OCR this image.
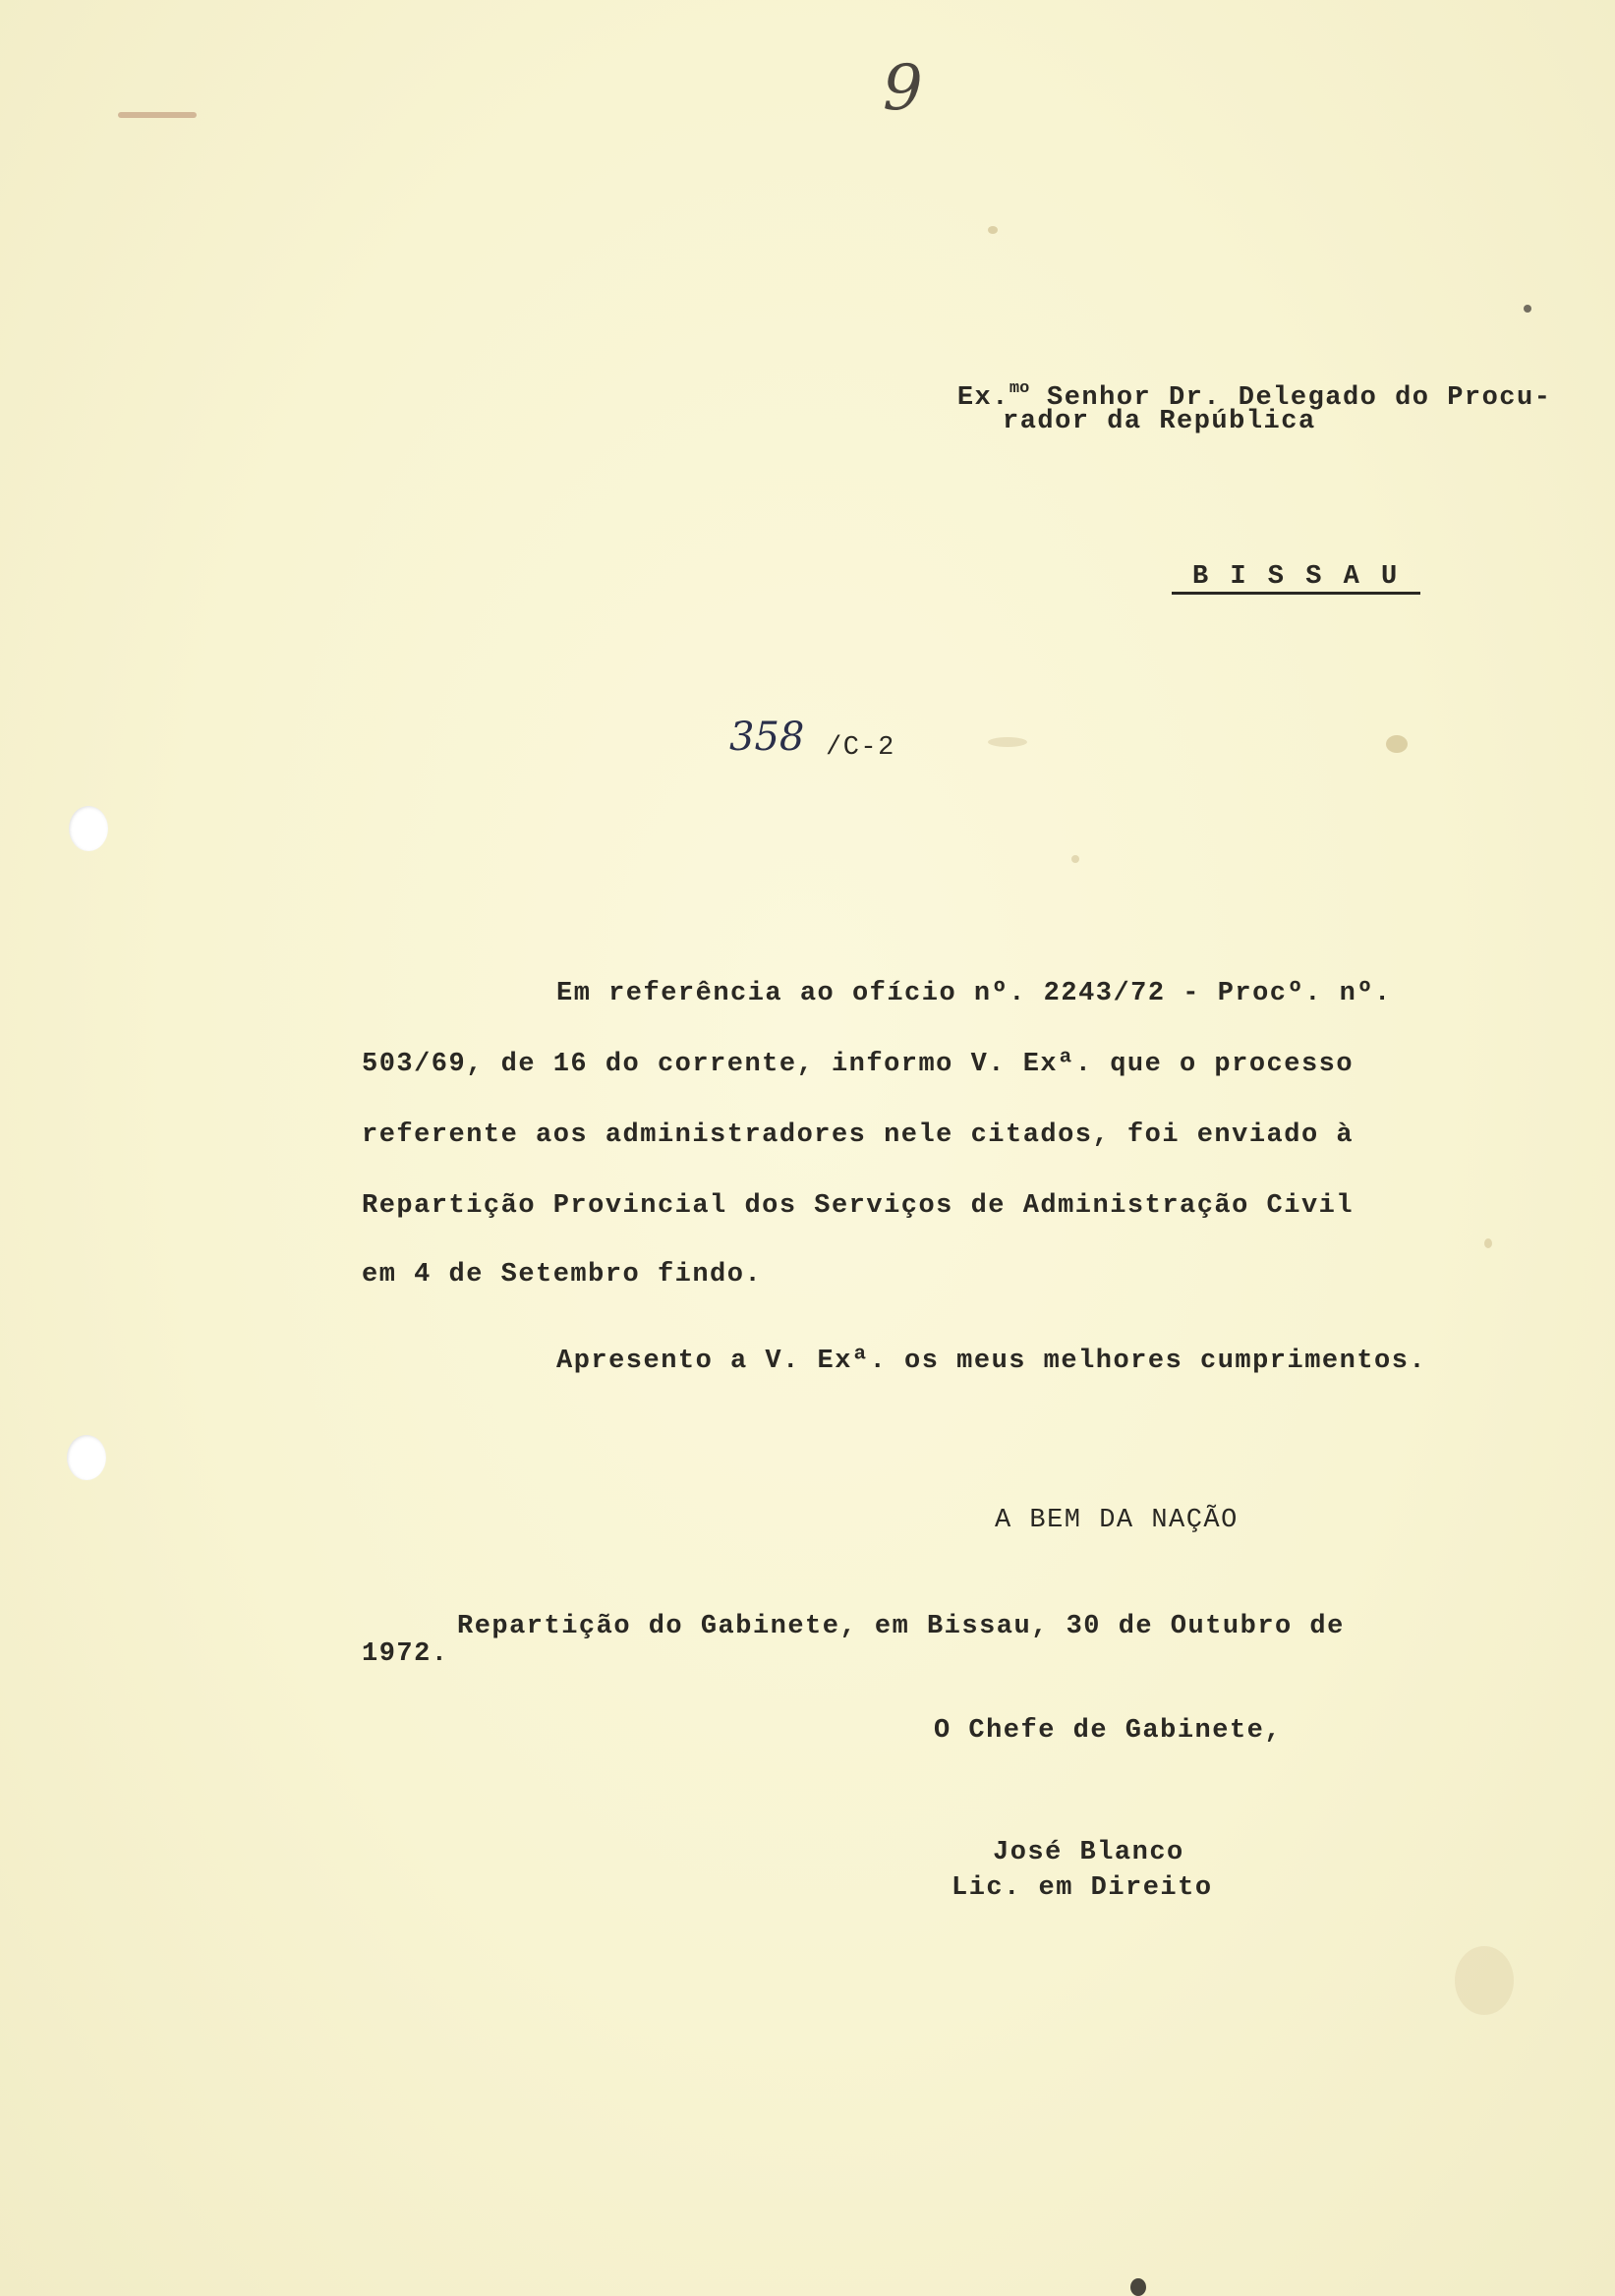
9

Ex.$^{mo}$ Senhor Dr. Delegado do Procu-

rador da República
B I S S A U
358 /C-2
Em referência ao ofício nº. 2243/72 - Procº. nº.
503/69, de 16 do corrente, informo V. Exª. que o processo
referente aos administradores nele citados, foi enviado à
Repartição Provincial dos Serviços de Administração Civil
em 4 de Setembro findo.
Apresento a V. Exª. os meus melhores cumprimentos.
A BEM DA NAÇÃO
Repartição do Gabinete, em Bissau, 30 de Outubro de
1972.
O Chefe de Gabinete,
José Blanco
Lic. em Direito
